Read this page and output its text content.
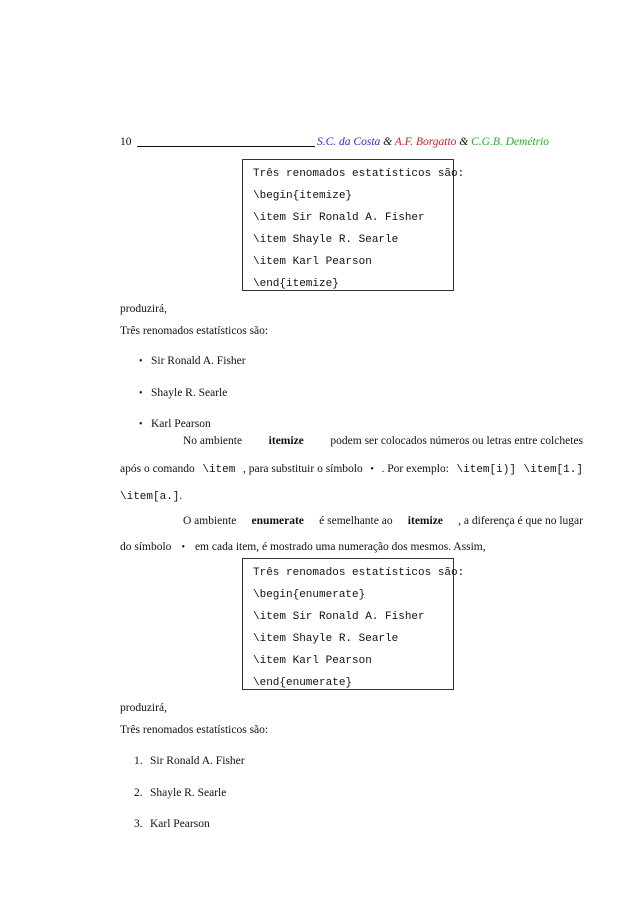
10	S.C. da Costa & A.F. Borgatto & C.G.B. Demétrio
Três renomados estatísticos são:
\begin{itemize}
\item Sir Ronald A. Fisher
\item Shayle R. Searle
\item Karl Pearson
\end{itemize}
produzirá,
Três renomados estatísticos são:
• Sir Ronald A. Fisher
• Shayle R. Searle
• Karl Pearson
No ambiente itemize podem ser colocados números ou letras entre colchetes
após o comando \item , para substituir o símbolo • . Por exemplo: \item[i)] \item[1.]
\item[a.].
O ambiente enumerate é semelhante ao itemize , a diferença é que no lugar
do símbolo • em cada item, é mostrado uma numeração dos mesmos. Assim,
Três renomados estatísticos são:
\begin{enumerate}
\item Sir Ronald A. Fisher
\item Shayle R. Searle
\item Karl Pearson
\end{enumerate}
produzirá,
Três renomados estatísticos são:
1. Sir Ronald A. Fisher
2. Shayle R. Searle
3. Karl Pearson
